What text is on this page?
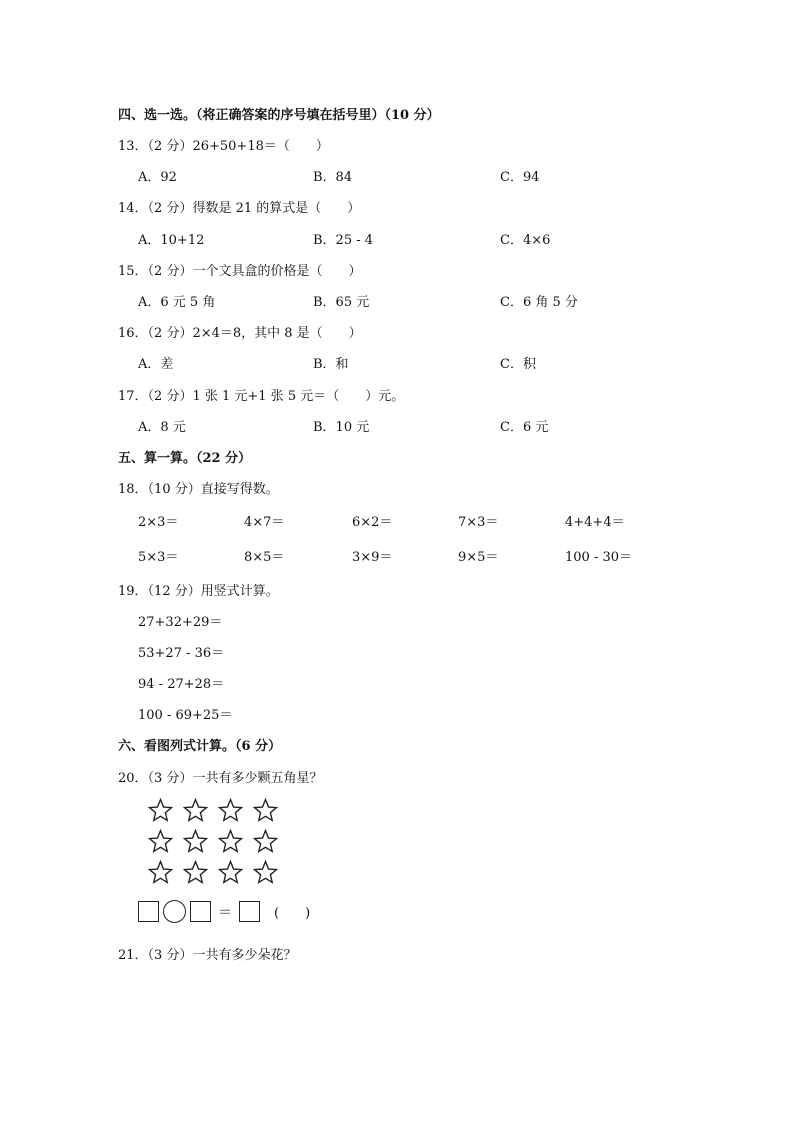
四、选一选。（将正确答案的序号填在括号里）（10 分）
13．（2 分）26+50+18＝（　　）
A．92	B．84	C．94
14．（2 分）得数是 21 的算式是（　　）
A．10+12	B．25 - 4	C．4×6
15．（2 分）一个文具盒的价格是（　　）
A．6 元 5 角	B．65 元	C．6 角 5 分
16．（2 分）2×4＝8，其中 8 是（　　）
A．差	B．和	C．积
17．（2 分）1 张 1 元+1 张 5 元＝（　　）元。
A．8 元	B．10 元	C．6 元
五、算一算。（22 分）
18．（10 分）直接写得数。
2×3＝	4×7＝	6×2＝	7×3＝	4+4+4＝
5×3＝	8×5＝	3×9＝	9×5＝	100 - 30＝
19．（12 分）用竖式计算。
27+32+29＝
53+27 - 36＝
94 - 27+28＝
100 - 69+25＝
六、看图列式计算。（6 分）
20．（3 分）一共有多少颗五角星？
＝	(　　)
21．（3 分）一共有多少朵花？
